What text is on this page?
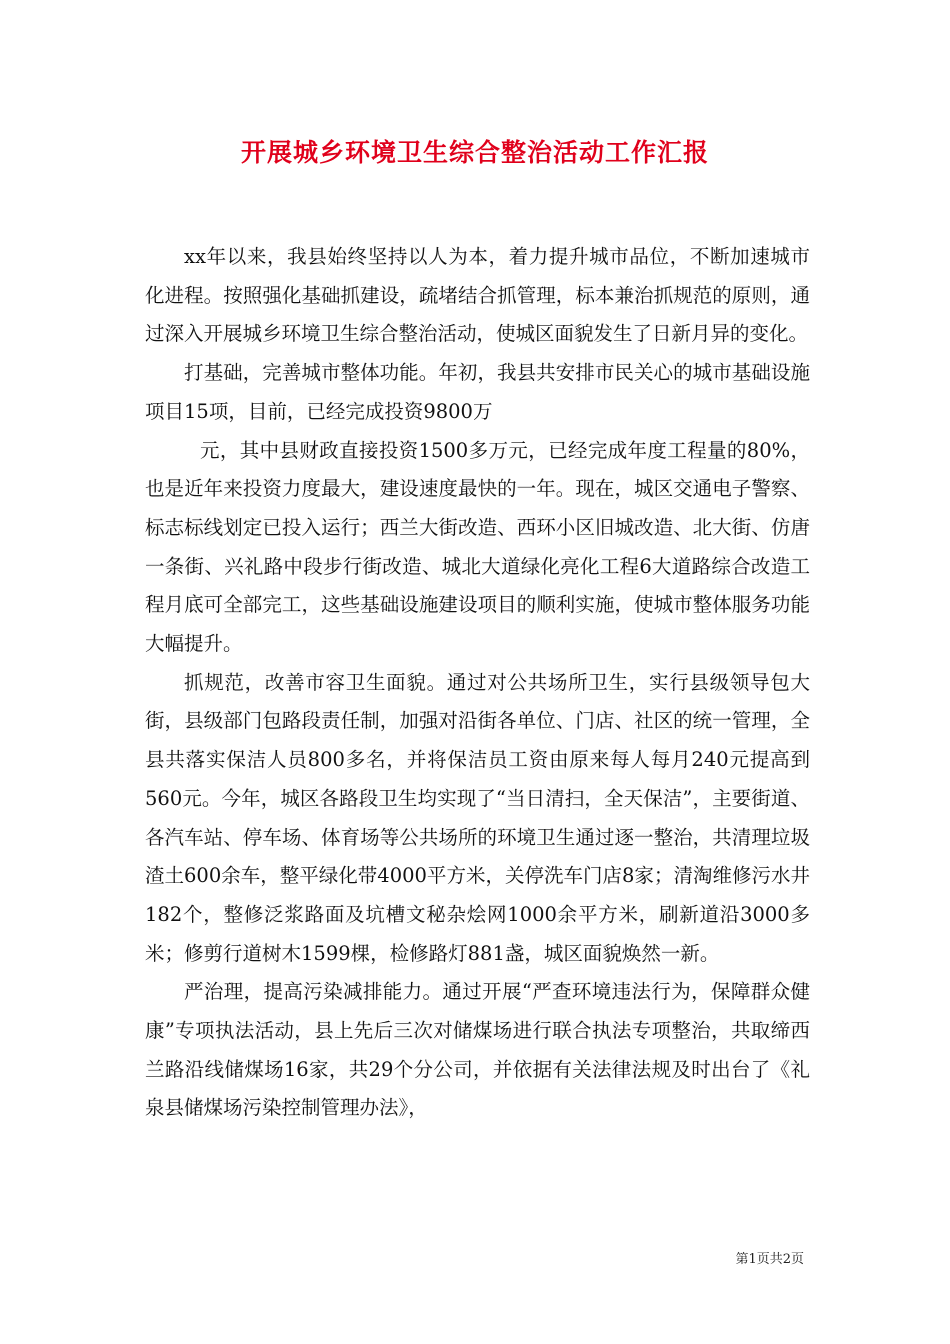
开展城乡环境卫生综合整治活动工作汇报

xx年以来，我县始终坚持以人为本，着力提升城市品位，不断加速城市化进程。按照强化基础抓建设，疏堵结合抓管理，标本兼治抓规范的原则，通过深入开展城乡环境卫生综合整治活动，使城区面貌发生了日新月异的变化。

打基础，完善城市整体功能。年初，我县共安排市民关心的城市基础设施项目15项，目前，已经完成投资9800万

元，其中县财政直接投资1500多万元，已经完成年度工程量的80%，也是近年来投资力度最大，建设速度最快的一年。现在，城区交通电子警察、标志标线划定已投入运行；西兰大街改造、西环小区旧城改造、北大街、仿唐一条街、兴礼路中段步行街改造、城北大道绿化亮化工程6大道路综合改造工程月底可全部完工，这些基础设施建设项目的顺利实施，使城市整体服务功能大幅提升。

抓规范，改善市容卫生面貌。通过对公共场所卫生，实行县级领导包大街，县级部门包路段责任制，加强对沿街各单位、门店、社区的统一管理，全县共落实保洁人员800多名，并将保洁员工资由原来每人每月240元提高到560元。今年，城区各路段卫生均实现了“当日清扫，全天保洁”，主要街道、各汽车站、停车场、体育场等公共场所的环境卫生通过逐一整治，共清理垃圾渣土600余车，整平绿化带4000平方米，关停洗车门店8家；清淘维修污水井182个，整修泛浆路面及坑槽文秘杂烩网1000余平方米，刷新道沿3000多米；修剪行道树木1599棵，检修路灯881盏，城区面貌焕然一新。

严治理，提高污染减排能力。通过开展“严查环境违法行为，保障群众健康”专项执法活动，县上先后三次对储煤场进行联合执法专项整治，共取缔西兰路沿线储煤场16家，共29个分公司，并依据有关法律法规及时出台了《礼泉县储煤场污染控制管理办法》，

第1页共2页
